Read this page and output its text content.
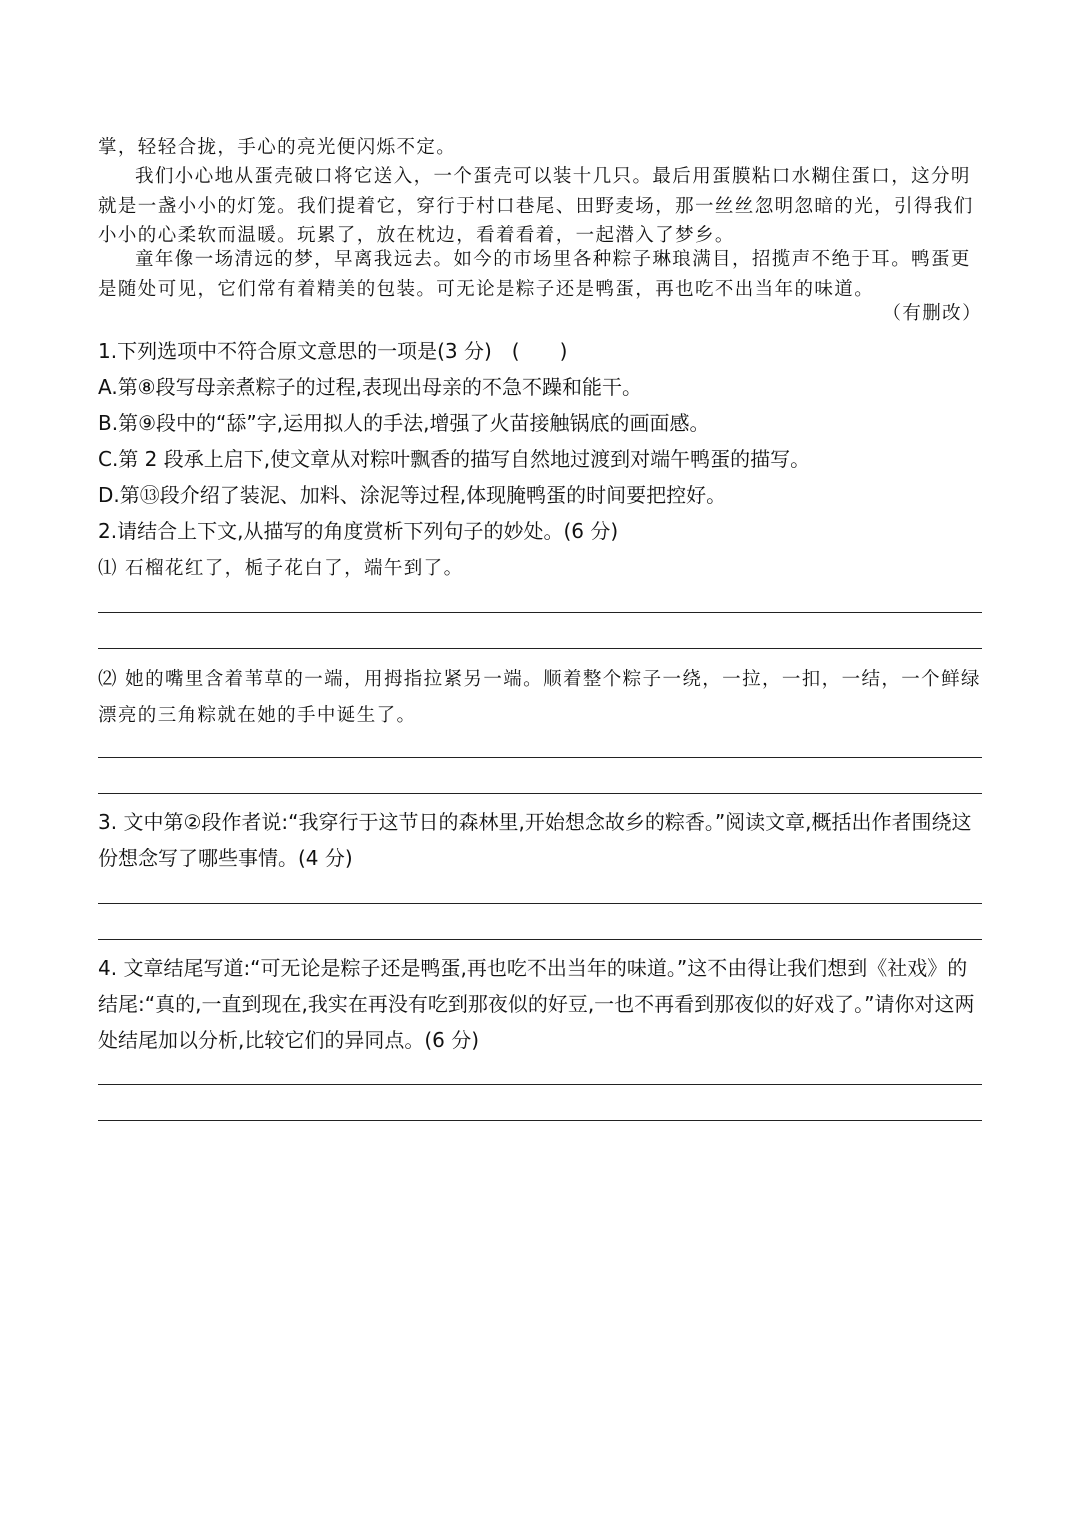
掌，轻轻合拢，手心的亮光便闪烁不定。

我们小心地从蛋壳破口将它送入，一个蛋壳可以装十几只。最后用蛋膜粘口水糊住蛋口，这分明就是一盏小小的灯笼。我们提着它，穿行于村口巷尾、田野麦场，那一丝丝忽明忽暗的光，引得我们小小的心柔软而温暖。玩累了，放在枕边，看着看着，一起潜入了梦乡。

童年像一场清远的梦，早离我远去。如今的市场里各种粽子琳琅满目，招揽声不绝于耳。鸭蛋更是随处可见，它们常有着精美的包装。可无论是粽子还是鸭蛋，再也吃不出当年的味道。

（有删改）
1.下列选项中不符合原文意思的一项是(3 分)　(　　)
A.第⑧段写母亲煮粽子的过程,表现出母亲的不急不躁和能干。
B.第⑨段中的“舔”字,运用拟人的手法,增强了火苗接触锅底的画面感。
C.第 2 段承上启下,使文章从对粽叶飘香的描写自然地过渡到对端午鸭蛋的描写。
D.第⑬段介绍了装泥、加料、涂泥等过程,体现腌鸭蛋的时间要把控好。
2.请结合上下文,从描写的角度赏析下列句子的妙处。(6 分)
⑴ 石榴花红了，栀子花白了，端午到了。
⑵ 她的嘴里含着苇草的一端，用拇指拉紧另一端。顺着整个粽子一绕，一拉，一扣，一结，一个鲜绿漂亮的三角粽就在她的手中诞生了。
3. 文中第②段作者说:“我穿行于这节日的森林里,开始想念故乡的粽香。”阅读文章,概括出作者围绕这份想念写了哪些事情。(4 分)
4. 文章结尾写道:“可无论是粽子还是鸭蛋,再也吃不出当年的味道。”这不由得让我们想到《社戏》的结尾:“真的,一直到现在,我实在再没有吃到那夜似的好豆,一也不再看到那夜似的好戏了。”请你对这两处结尾加以分析,比较它们的异同点。(6 分)
